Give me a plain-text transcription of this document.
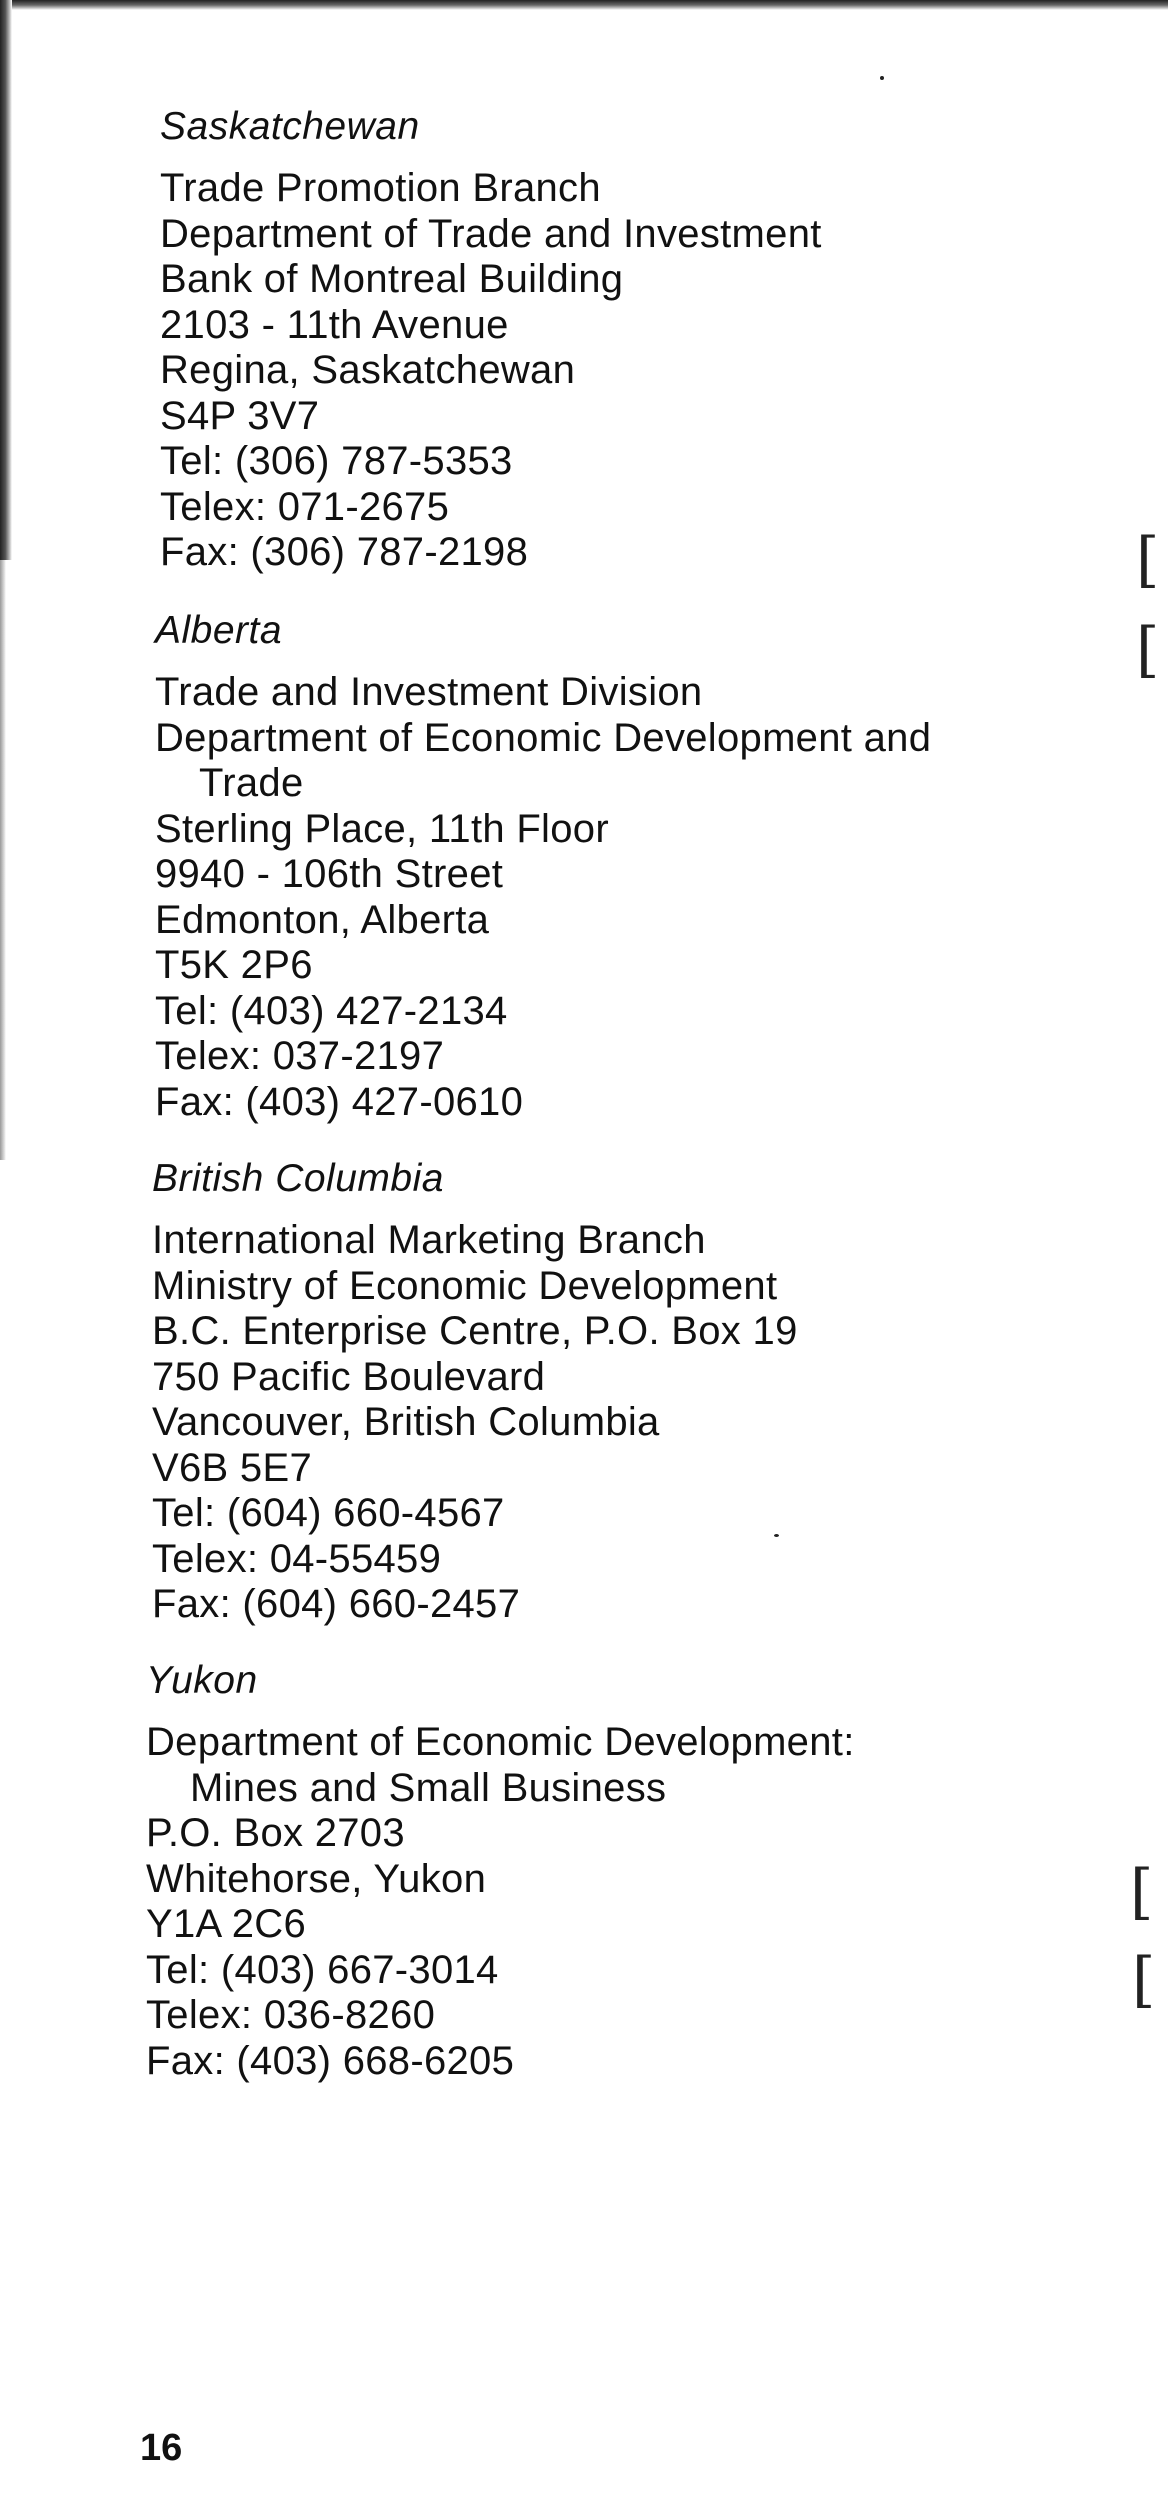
Saskatchewan
Trade Promotion Branch
Department of Trade and Investment
Bank of Montreal Building
2103 - 11th Avenue
Regina, Saskatchewan
S4P 3V7
Tel: (306) 787-5353
Telex: 071-2675
Fax: (306) 787-2198
Alberta
Trade and Investment Division
Department of Economic Development and
Trade
Sterling Place, 11th Floor
9940 - 106th Street
Edmonton, Alberta
T5K 2P6
Tel: (403) 427-2134
Telex: 037-2197
Fax: (403) 427-0610
British Columbia
International Marketing Branch
Ministry of Economic Development
B.C. Enterprise Centre, P.O. Box 19
750 Pacific Boulevard
Vancouver, British Columbia
V6B 5E7
Tel: (604) 660-4567
Telex: 04-55459
Fax: (604) 660-2457
Yukon
Department of Economic Development:
Mines and Small Business
P.O. Box 2703
Whitehorse, Yukon
Y1A 2C6
Tel: (403) 667-3014
Telex: 036-8260
Fax: (403) 668-6205
16
[
[
[
[
